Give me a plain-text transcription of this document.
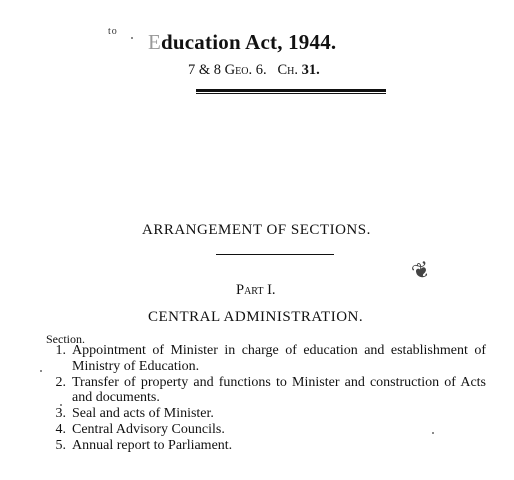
to Education Act, 1944.
7 & 8 Geo. 6. Ch. 31.
ARRANGEMENT OF SECTIONS.
❦
Part I.
CENTRAL ADMINISTRATION.
Section.
1. Appointment of Minister in charge of education and establishment of Ministry of Education.
2. Transfer of property and functions to Minister and construction of Acts and documents.
3. Seal and acts of Minister.
4. Central Advisory Councils.
5. Annual report to Parliament.
